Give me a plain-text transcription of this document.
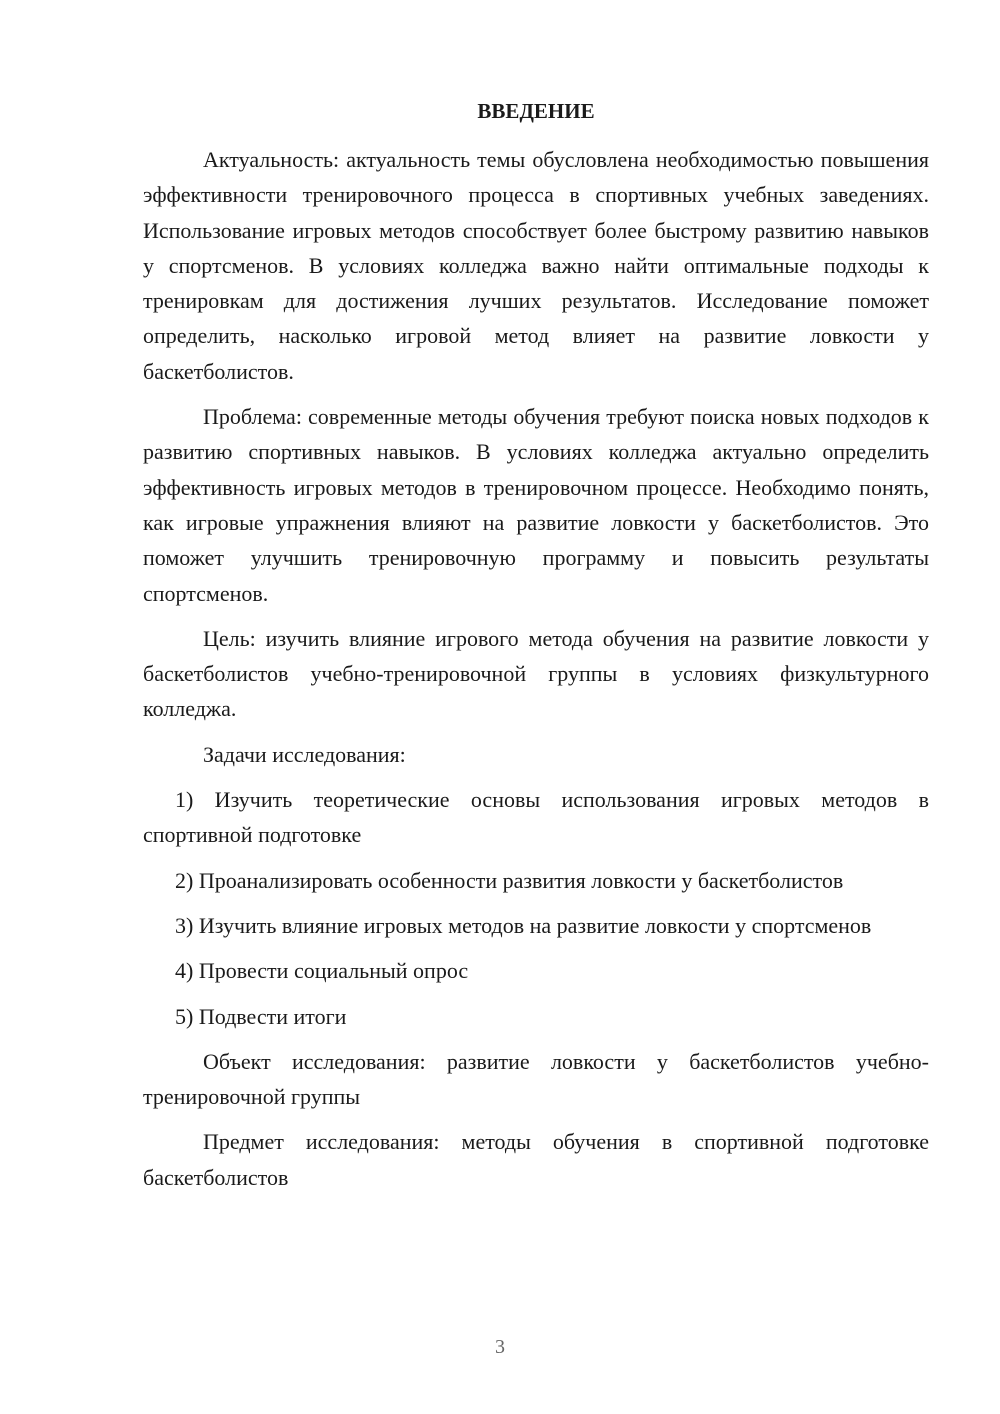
ВВЕДЕНИЕ

Актуальность: актуальность темы обусловлена необходимостью повышения эффективности тренировочного процесса в спортивных учебных заведениях. Использование игровых методов способствует более быстрому развитию навыков у спортсменов. В условиях колледжа важно найти оптимальные подходы к тренировкам для достижения лучших результатов. Исследование поможет определить, насколько игровой метод влияет на развитие ловкости у баскетболистов.

Проблема: современные методы обучения требуют поиска новых подходов к развитию спортивных навыков. В условиях колледжа актуально определить эффективность игровых методов в тренировочном процессе. Необходимо понять, как игровые упражнения влияют на развитие ловкости у баскетболистов. Это поможет улучшить тренировочную программу и повысить результаты спортсменов.

Цель: изучить влияние игрового метода обучения на развитие ловкости у баскетболистов учебно-тренировочной группы в условиях физкультурного колледжа.

Задачи исследования:

1) Изучить теоретические основы использования игровых методов в спортивной подготовке

2) Проанализировать особенности развития ловкости у баскетболистов

3) Изучить влияние игровых методов на развитие ловкости у спортсменов

4) Провести социальный опрос

5) Подвести итоги

Объект исследования: развитие ловкости у баскетболистов учебно-тренировочной группы

Предмет исследования: методы обучения в спортивной подготовке баскетболистов

3
